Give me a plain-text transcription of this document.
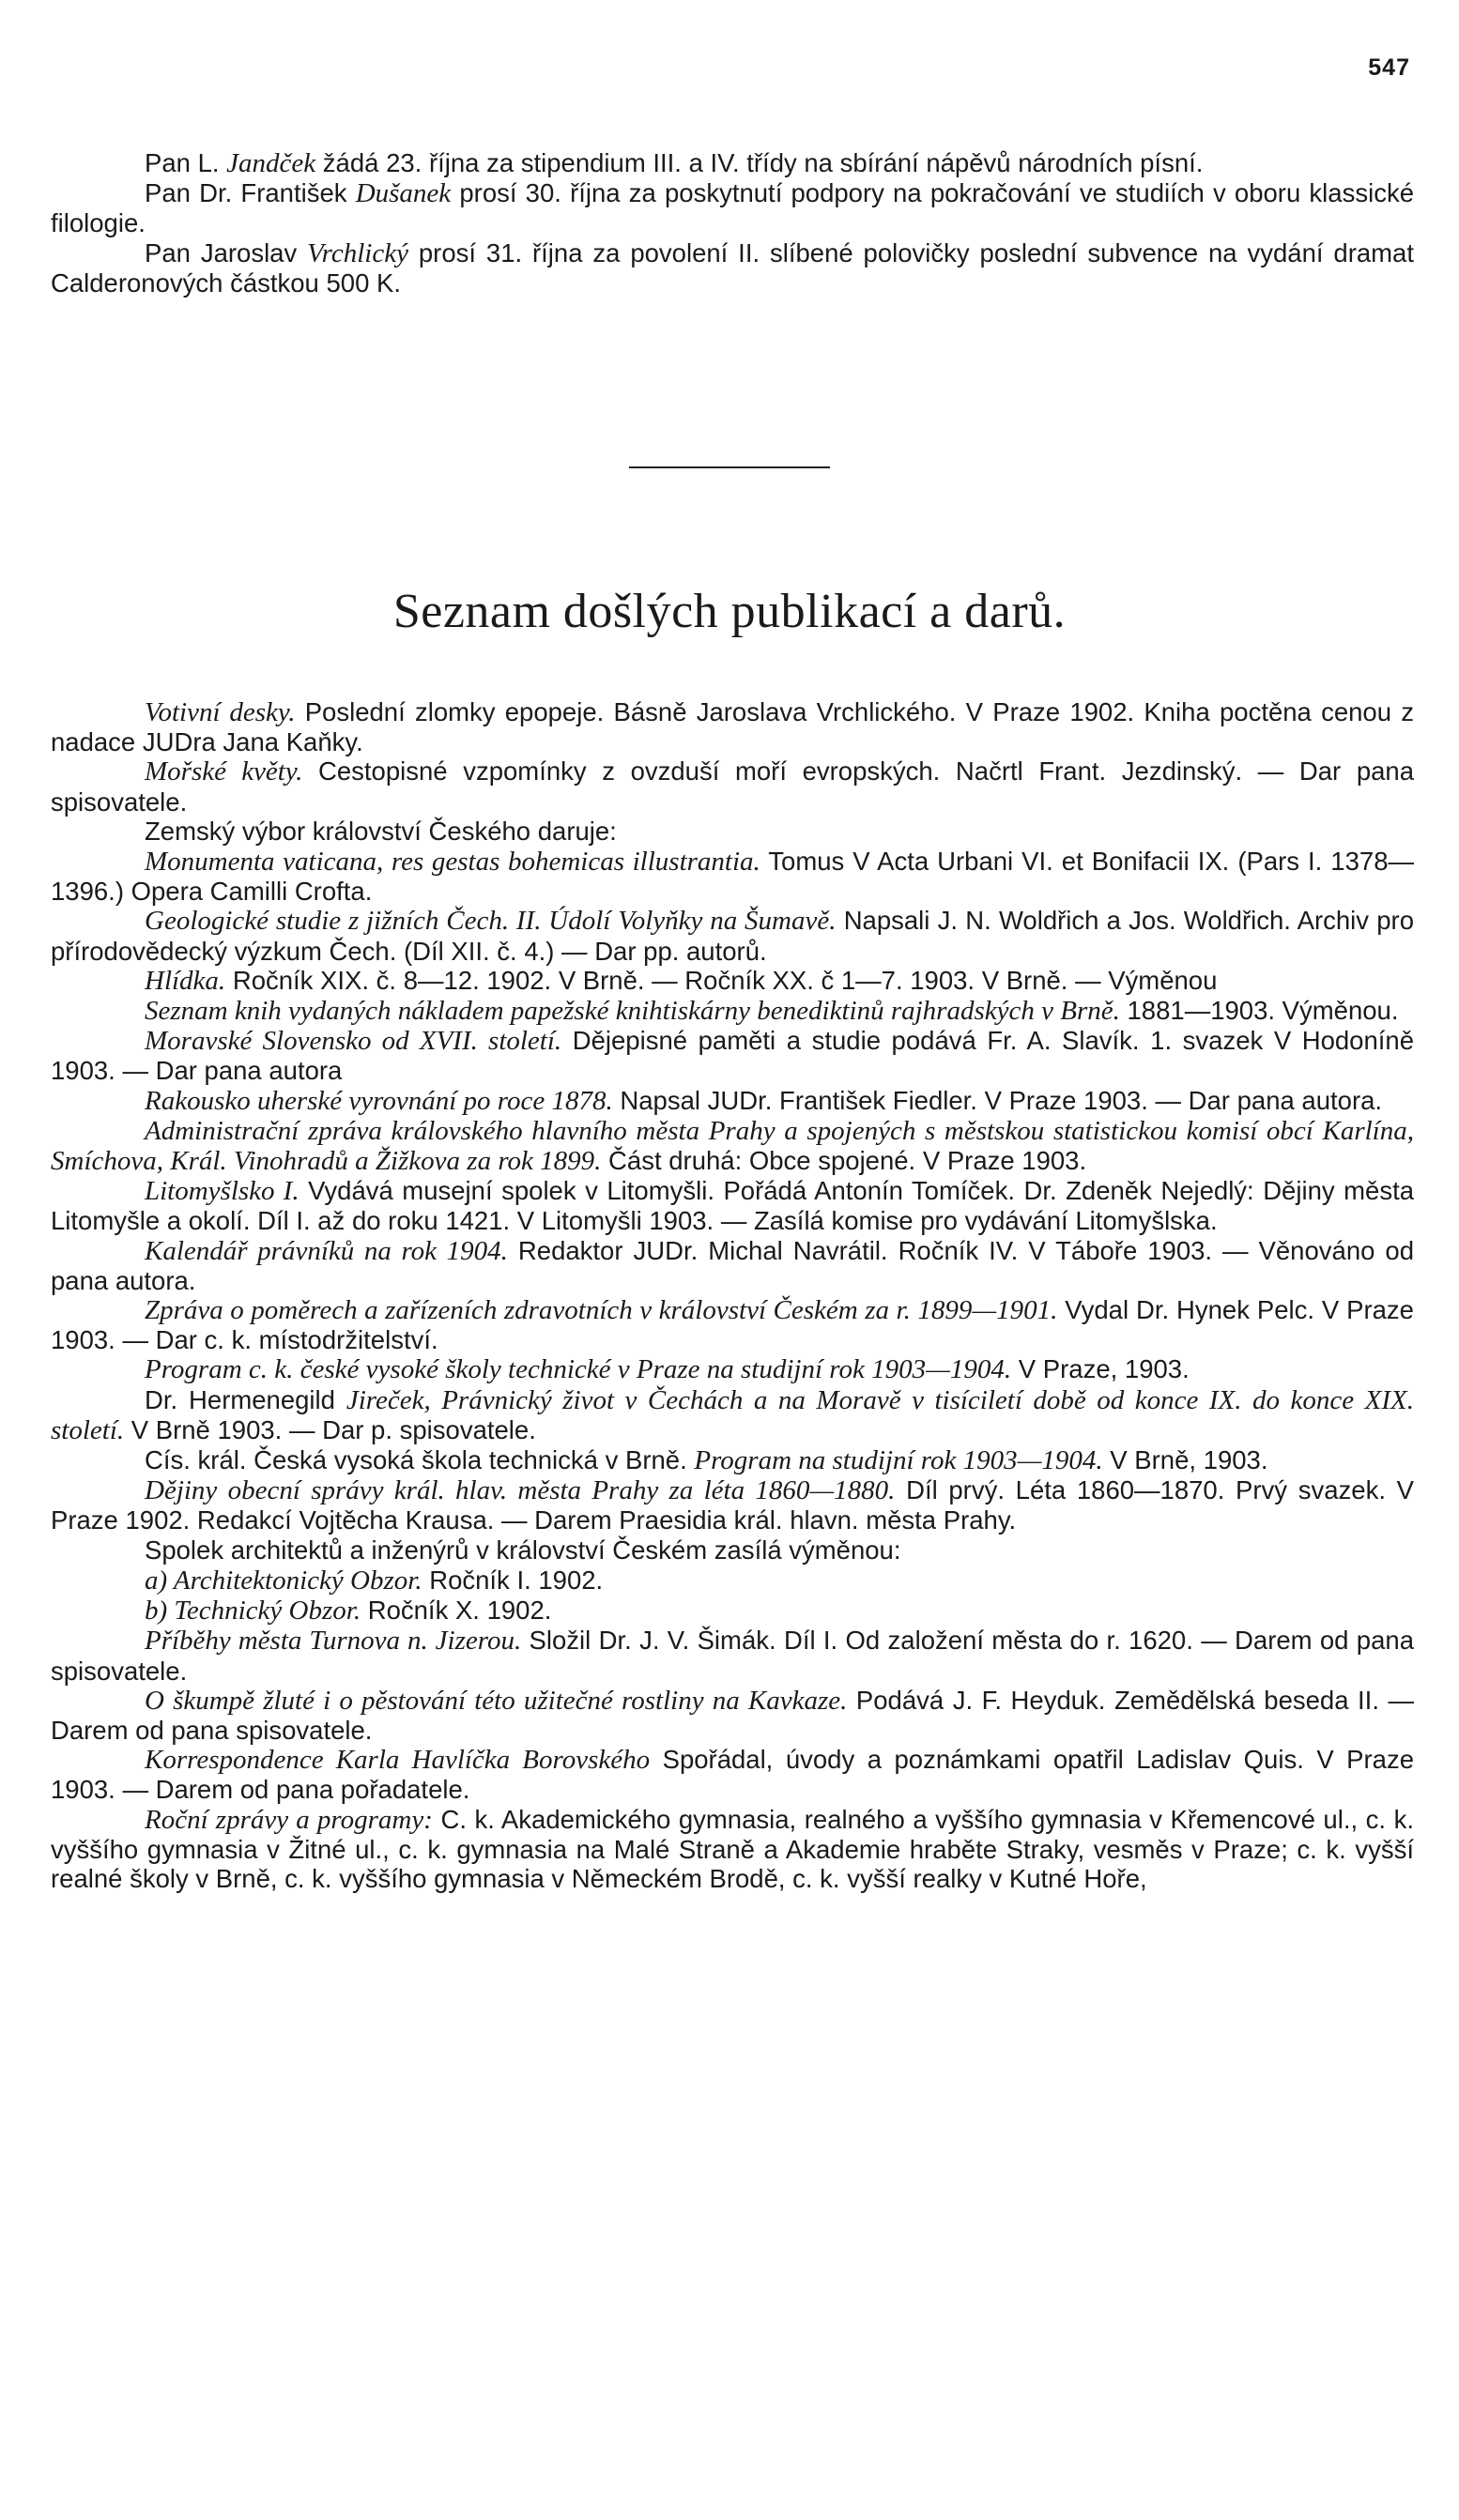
547

Pan L. Jandček žádá 23. října za stipendium III. a IV. třídy na sbírání nápěvů národních písní.

Pan Dr. František Dušanek prosí 30. října za poskytnutí podpory na pokračování ve studiích v oboru klassické filologie.

Pan Jaroslav Vrchlický prosí 31. října za povolení II. slíbené polovičky poslední subvence na vydání dramat Calderonových částkou 500 K.

Seznam došlých publikací a darů.

Votivní desky. Poslední zlomky epopeje. Básně Jaroslava Vrchlického. V Praze 1902. Kniha poctěna cenou z nadace JUDra Jana Kaňky.

Mořské květy. Cestopisné vzpomínky z ovzduší moří evropských. Načrtl Frant. Jezdinský. — Dar pana spisovatele.

Zemský výbor království Českého daruje:

Monumenta vaticana, res gestas bohemicas illustrantia. Tomus V Acta Urbani VI. et Bonifacii IX. (Pars I. 1378—1396.) Opera Camilli Crofta.

Geologické studie z jižních Čech. II. Údolí Volyňky na Šumavě. Napsali J. N. Woldřich a Jos. Woldřich. Archiv pro přírodovědecký výzkum Čech. (Díl XII. č. 4.) — Dar pp. autorů.

Hlídka. Ročník XIX. č. 8—12. 1902. V Brně. — Ročník XX. č 1—7. 1903. V Brně. — Výměnou

Seznam knih vydaných nákladem papežské knihtiskárny benediktinů rajhradských v Brně. 1881—1903. Výměnou.

Moravské Slovensko od XVII. století. Dějepisné paměti a studie podává Fr. A. Slavík. 1. svazek V Hodoníně 1903. — Dar pana autora

Rakousko uherské vyrovnání po roce 1878. Napsal JUDr. František Fiedler. V Praze 1903. — Dar pana autora.

Administrační zpráva královského hlavního města Prahy a spojených s městskou statistickou komisí obcí Karlína, Smíchova, Král. Vinohradů a Žižkova za rok 1899. Část druhá: Obce spojené. V Praze 1903.

Litomyšlsko I. Vydává musejní spolek v Litomyšli. Pořádá Antonín Tomíček. Dr. Zdeněk Nejedlý: Dějiny města Litomyšle a okolí. Díl I. až do roku 1421. V Litomyšli 1903. — Zasílá komise pro vydávání Litomyšlska.

Kalendář právníků na rok 1904. Redaktor JUDr. Michal Navrátil. Ročník IV. V Táboře 1903. — Věnováno od pana autora.

Zpráva o poměrech a zařízeních zdravotních v království Českém za r. 1899—1901. Vydal Dr. Hynek Pelc. V Praze 1903. — Dar c. k. místodržitelství.

Program c. k. české vysoké školy technické v Praze na studijní rok 1903—1904. V Praze, 1903.

Dr. Hermenegild Jireček, Právnický život v Čechách a na Moravě v tisíciletí době od konce IX. do konce XIX. století. V Brně 1903. — Dar p. spisovatele.

Cís. král. Česká vysoká škola technická v Brně. Program na studijní rok 1903—1904. V Brně, 1903.

Dějiny obecní správy král. hlav. města Prahy za léta 1860—1880. Díl prvý. Léta 1860—1870. Prvý svazek. V Praze 1902. Redakcí Vojtěcha Krausa. — Darem Praesidia král. hlavn. města Prahy.

Spolek architektů a inženýrů v království Českém zasílá výměnou:

a) Architektonický Obzor. Ročník I. 1902.

b) Technický Obzor. Ročník X. 1902.

Příběhy města Turnova n. Jizerou. Složil Dr. J. V. Šimák. Díl I. Od založení města do r. 1620. — Darem od pana spisovatele.

O škumpě žluté i o pěstování této užitečné rostliny na Kavkaze. Podává J. F. Heyduk. Zemědělská beseda II. — Darem od pana spisovatele.

Korrespondence Karla Havlíčka Borovského Spořádal, úvody a poznámkami opatřil Ladislav Quis. V Praze 1903. — Darem od pana pořadatele.

Roční zprávy a programy: C. k. Akademického gymnasia, realného a vyššího gymnasia v Křemencové ul., c. k. vyššího gymnasia v Žitné ul., c. k. gymnasia na Malé Straně a Akademie hraběte Straky, vesměs v Praze; c. k. vyšší realné školy v Brně, c. k. vyššího gymnasia v Německém Brodě, c. k. vyšší realky v Kutné Hoře,
